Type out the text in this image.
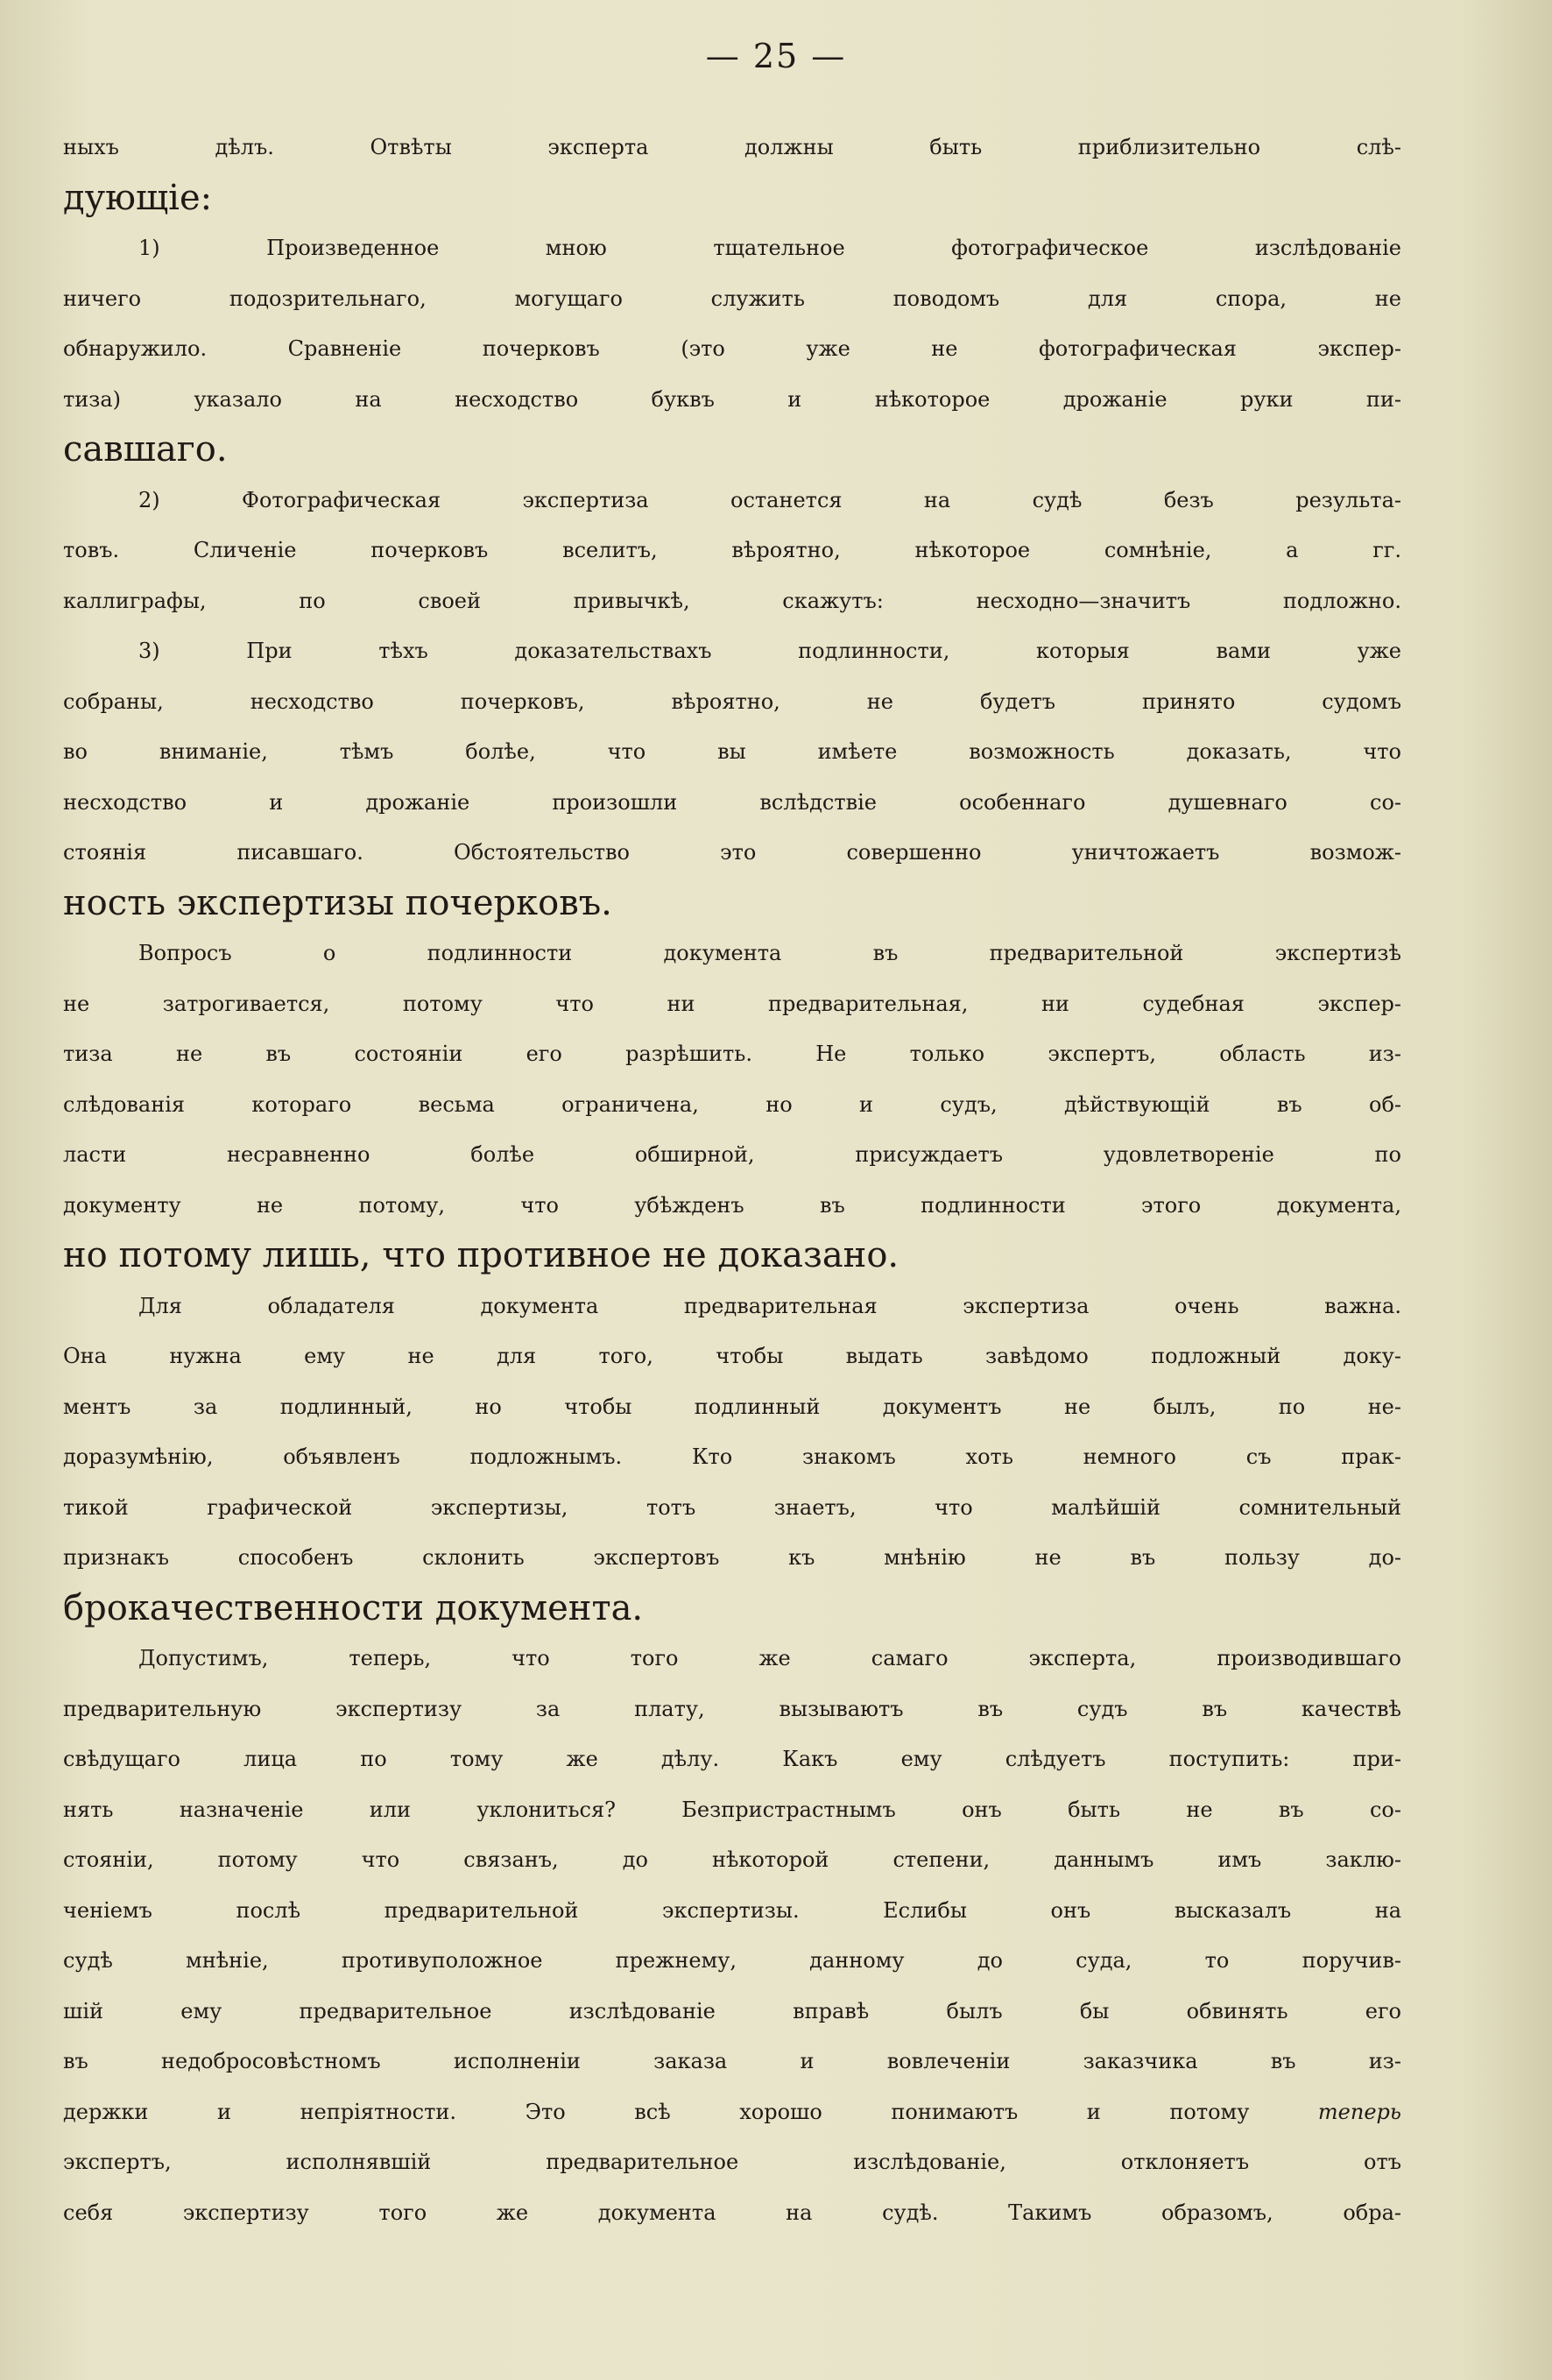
— 25 —
ныхъ дѣлъ. Отвѣты эксперта должны быть приблизительно слѣ-
дующіе:
1) Произведенное мною тщательное фотографическое изслѣдованіе
ничего подозрительнаго, могущаго служить поводомъ для спора, не
обнаружило. Сравненіе почерковъ (это уже не фотографическая экспер-
тиза) указало на несходство буквъ и нѣкоторое дрожаніе руки пи-
савшаго.
2) Фотографическая экспертиза останется на судѣ безъ результа-
товъ. Сличеніе почерковъ вселитъ, вѣроятно, нѣкоторое сомнѣніе, а гг.
каллиграфы, по своей привычкѣ, скажутъ: несходно—значитъ подложно.
3) При тѣхъ доказательствахъ подлинности, которыя вами уже
собраны, несходство почерковъ, вѣроятно, не будетъ принято судомъ
во вниманіе, тѣмъ болѣе, что вы имѣете возможность доказать, что
несходство и дрожаніе произошли вслѣдствіе особеннаго душевнаго со-
стоянія писавшаго. Обстоятельство это совершенно уничтожаетъ возмож-
ность экспертизы почерковъ.
Вопросъ о подлинности документа въ предварительной экспертизѣ
не затрогивается, потому что ни предварительная, ни судебная экспер-
тиза не въ состояніи его разрѣшить. Не только экспертъ, область из-
слѣдованія котораго весьма ограничена, но и судъ, дѣйствующій въ об-
ласти несравненно болѣе обширной, присуждаетъ удовлетвореніе по
документу не потому, что убѣжденъ въ подлинности этого документа,
но потому лишь, что противное не доказано.
Для обладателя документа предварительная экспертиза очень важна.
Она нужна ему не для того, чтобы выдать завѣдомо подложный доку-
ментъ за подлинный, но чтобы подлинный документъ не былъ, по не-
доразумѣнію, объявленъ подложнымъ. Кто знакомъ хоть немного съ прак-
тикой графической экспертизы, тотъ знаетъ, что малѣйшій сомнительный
признакъ способенъ склонить экспертовъ къ мнѣнію не въ пользу до-
брокачественности документа.
Допустимъ, теперь, что того же самаго эксперта, производившаго
предварительную экспертизу за плату, вызываютъ въ судъ въ качествѣ
свѣдущаго лица по тому же дѣлу. Какъ ему слѣдуетъ поступить: при-
нять назначеніе или уклониться? Безпристрастнымъ онъ быть не въ со-
стояніи, потому что связанъ, до нѣкоторой степени, даннымъ имъ заклю-
ченіемъ послѣ предварительной экспертизы. Еслибы онъ высказалъ на
судѣ мнѣніе, противуположное прежнему, данному до суда, то поручив-
шій ему предварительное изслѣдованіе вправѣ былъ бы обвинять его
въ недобросовѣстномъ исполненіи заказа и вовлеченіи заказчика въ из-
держки и непріятности. Это всѣ хорошо понимаютъ и потому	теперь
экспертъ, исполнявшій предварительное изслѣдованіе, отклоняетъ отъ
себя экспертизу того же документа на судѣ. Такимъ образомъ, обра-
